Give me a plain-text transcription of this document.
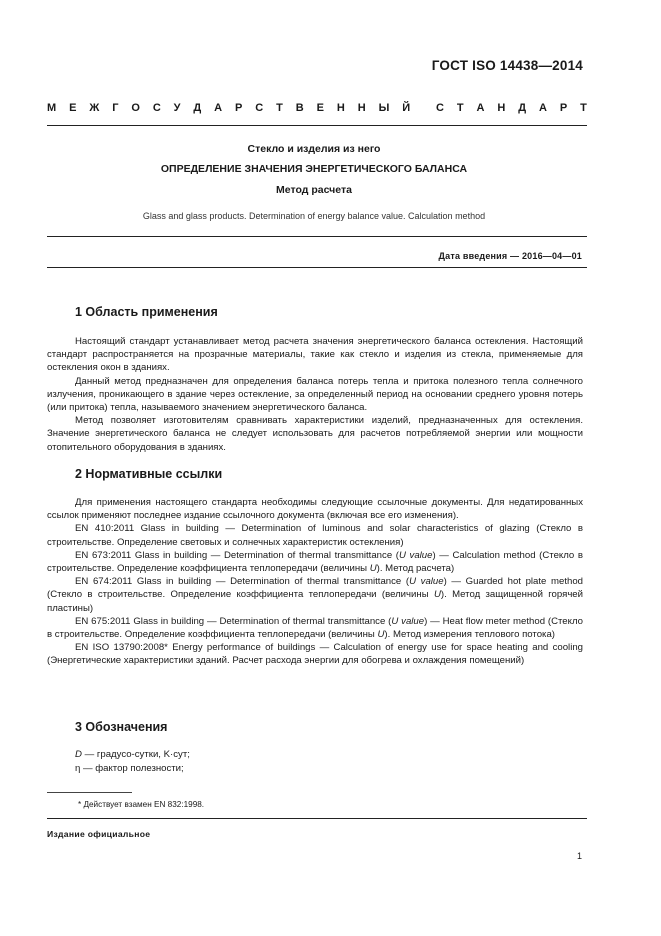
ГОСТ ISO 14438—2014
М Е Ж Г О С У Д А Р С Т В Е Н Н Ы Й С Т А Н Д А Р Т
Стекло и изделия из него
ОПРЕДЕЛЕНИЕ ЗНАЧЕНИЯ ЭНЕРГЕТИЧЕСКОГО БАЛАНСА
Метод расчета
Glass and glass products. Determination of energy balance value. Calculation method
Дата введения — 2016—04—01
1 Область применения

Настоящий стандарт устанавливает метод расчета значения энергетического баланса остекления. Настоящий стандарт распространяется на прозрачные материалы, такие как стекло и изделия из стекла, применяемые для остекления окон в зданиях.

Данный метод предназначен для определения баланса потерь тепла и притока полезного тепла солнечного излучения, проникающего в здание через остекление, за определенный период на основании среднего уровня потерь (или притока) тепла, называемого значением энергетического баланса.

Метод позволяет изготовителям сравнивать характеристики изделий, предназначенных для остекления. Значение энергетического баланса не следует использовать для расчетов потребляемой энергии или мощности отопительного оборудования в зданиях.

2 Нормативные ссылки

Для применения настоящего стандарта необходимы следующие ссылочные документы. Для недатированных ссылок применяют последнее издание ссылочного документа (включая все его изменения).

EN 410:2011 Glass in building — Determination of luminous and solar characteristics of glazing (Стекло в строительстве. Определение световых и солнечных характеристик остекления)

EN 673:2011 Glass in building — Determination of thermal transmittance (U value) — Calculation method (Стекло в строительстве. Определение коэффициента теплопередачи (величины U). Метод расчета)

EN 674:2011 Glass in building — Determination of thermal transmittance (U value) — Guarded hot plate method (Стекло в строительстве. Определение коэффициента теплопередачи (величины U). Метод защищенной горячей пластины)

EN 675:2011 Glass in building — Determination of thermal transmittance (U value) — Heat flow meter method (Стекло в строительстве. Определение коэффициента теплопередачи (величины U). Метод измерения теплового потока)

EN ISO 13790:2008* Energy performance of buildings — Calculation of energy use for space heating and cooling (Энергетические характеристики зданий. Расчет расхода энергии для обогрева и охлаждения помещений)

3 Обозначения
D — градусо-сутки, K·сут;
η — фактор полезности;
* Действует взамен EN 832:1998.
Издание официальное
1
